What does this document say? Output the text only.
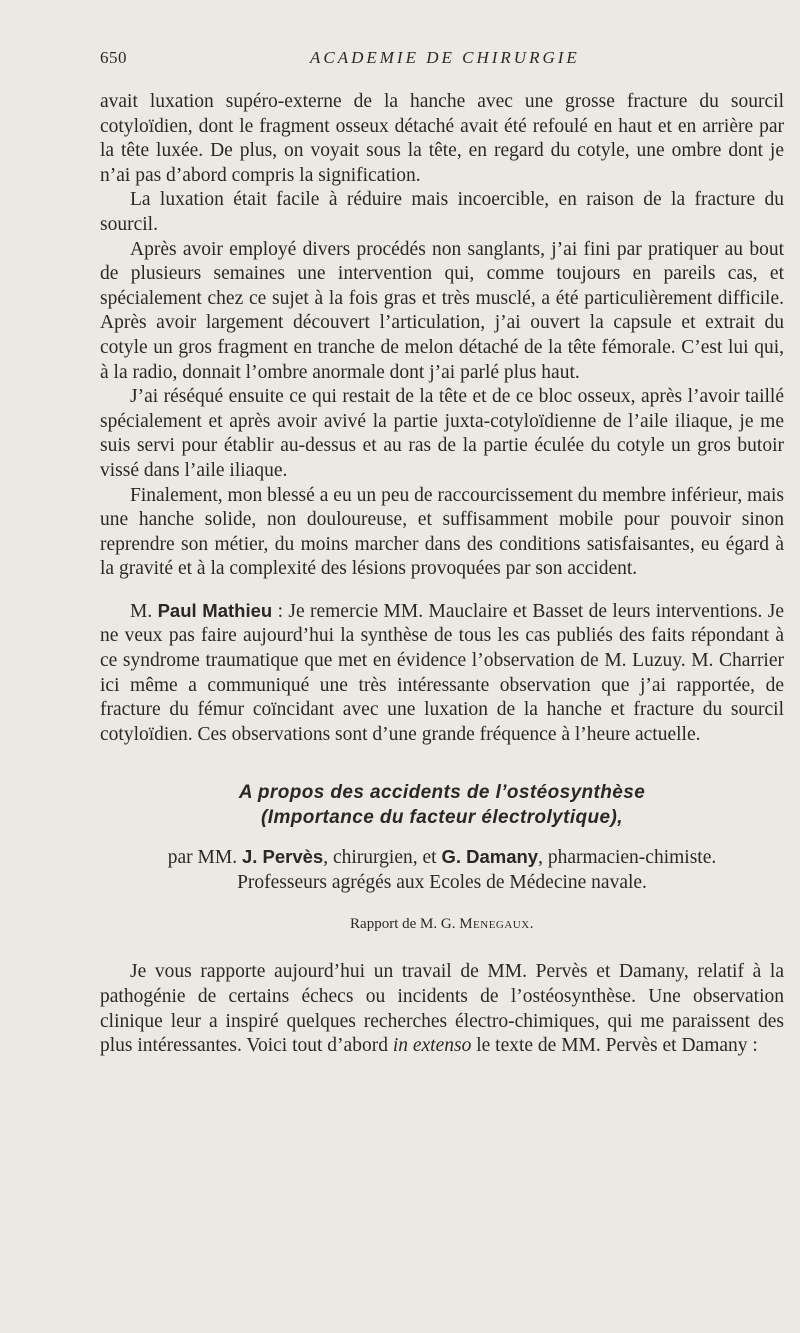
650	ACADEMIE DE CHIRURGIE

avait luxation supéro-externe de la hanche avec une grosse fracture du sourcil cotyloïdien, dont le fragment osseux détaché avait été refoulé en haut et en arrière par la tête luxée. De plus, on voyait sous la tête, en regard du cotyle, une ombre dont je n’ai pas d’abord compris la signification.

La luxation était facile à réduire mais incoercible, en raison de la fracture du sourcil.

Après avoir employé divers procédés non sanglants, j’ai fini par pratiquer au bout de plusieurs semaines une intervention qui, comme toujours en pareils cas, et spécialement chez ce sujet à la fois gras et très musclé, a été particulièrement difficile. Après avoir largement découvert l’articulation, j’ai ouvert la capsule et extrait du cotyle un gros fragment en tranche de melon détaché de la tête fémorale. C’est lui qui, à la radio, donnait l’ombre anormale dont j’ai parlé plus haut.

J’ai réséqué ensuite ce qui restait de la tête et de ce bloc osseux, après l’avoir taillé spécialement et après avoir avivé la partie juxta-cotyloïdienne de l’aile iliaque, je me suis servi pour établir au-dessus et au ras de la partie éculée du cotyle un gros butoir vissé dans l’aile iliaque.

Finalement, mon blessé a eu un peu de raccourcissement du membre inférieur, mais une hanche solide, non douloureuse, et suffisamment mobile pour pouvoir sinon reprendre son métier, du moins marcher dans des conditions satisfaisantes, eu égard à la gravité et à la complexité des lésions provoquées par son accident.

M. Paul Mathieu : Je remercie MM. Mauclaire et Basset de leurs interventions. Je ne veux pas faire aujourd’hui la synthèse de tous les cas publiés des faits répondant à ce syndrome traumatique que met en évidence l’observation de M. Luzuy. M. Charrier ici même a communiqué une très intéressante observation que j’ai rapportée, de fracture du fémur coïncidant avec une luxation de la hanche et fracture du sourcil cotyloïdien. Ces observations sont d’une grande fréquence à l’heure actuelle.

A propos des accidents de l’ostéosynthèse
(Importance du facteur électrolytique),
par MM. J. Pervès, chirurgien, et G. Damany, pharmacien-chimiste.
Professeurs agrégés aux Ecoles de Médecine navale.
Rapport de M. G. Menegaux.

Je vous rapporte aujourd’hui un travail de MM. Pervès et Damany, relatif à la pathogénie de certains échecs ou incidents de l’ostéosynthèse. Une observation clinique leur a inspiré quelques recherches électro-chimiques, qui me paraissent des plus intéressantes. Voici tout d’abord in extenso le texte de MM. Pervès et Damany :
